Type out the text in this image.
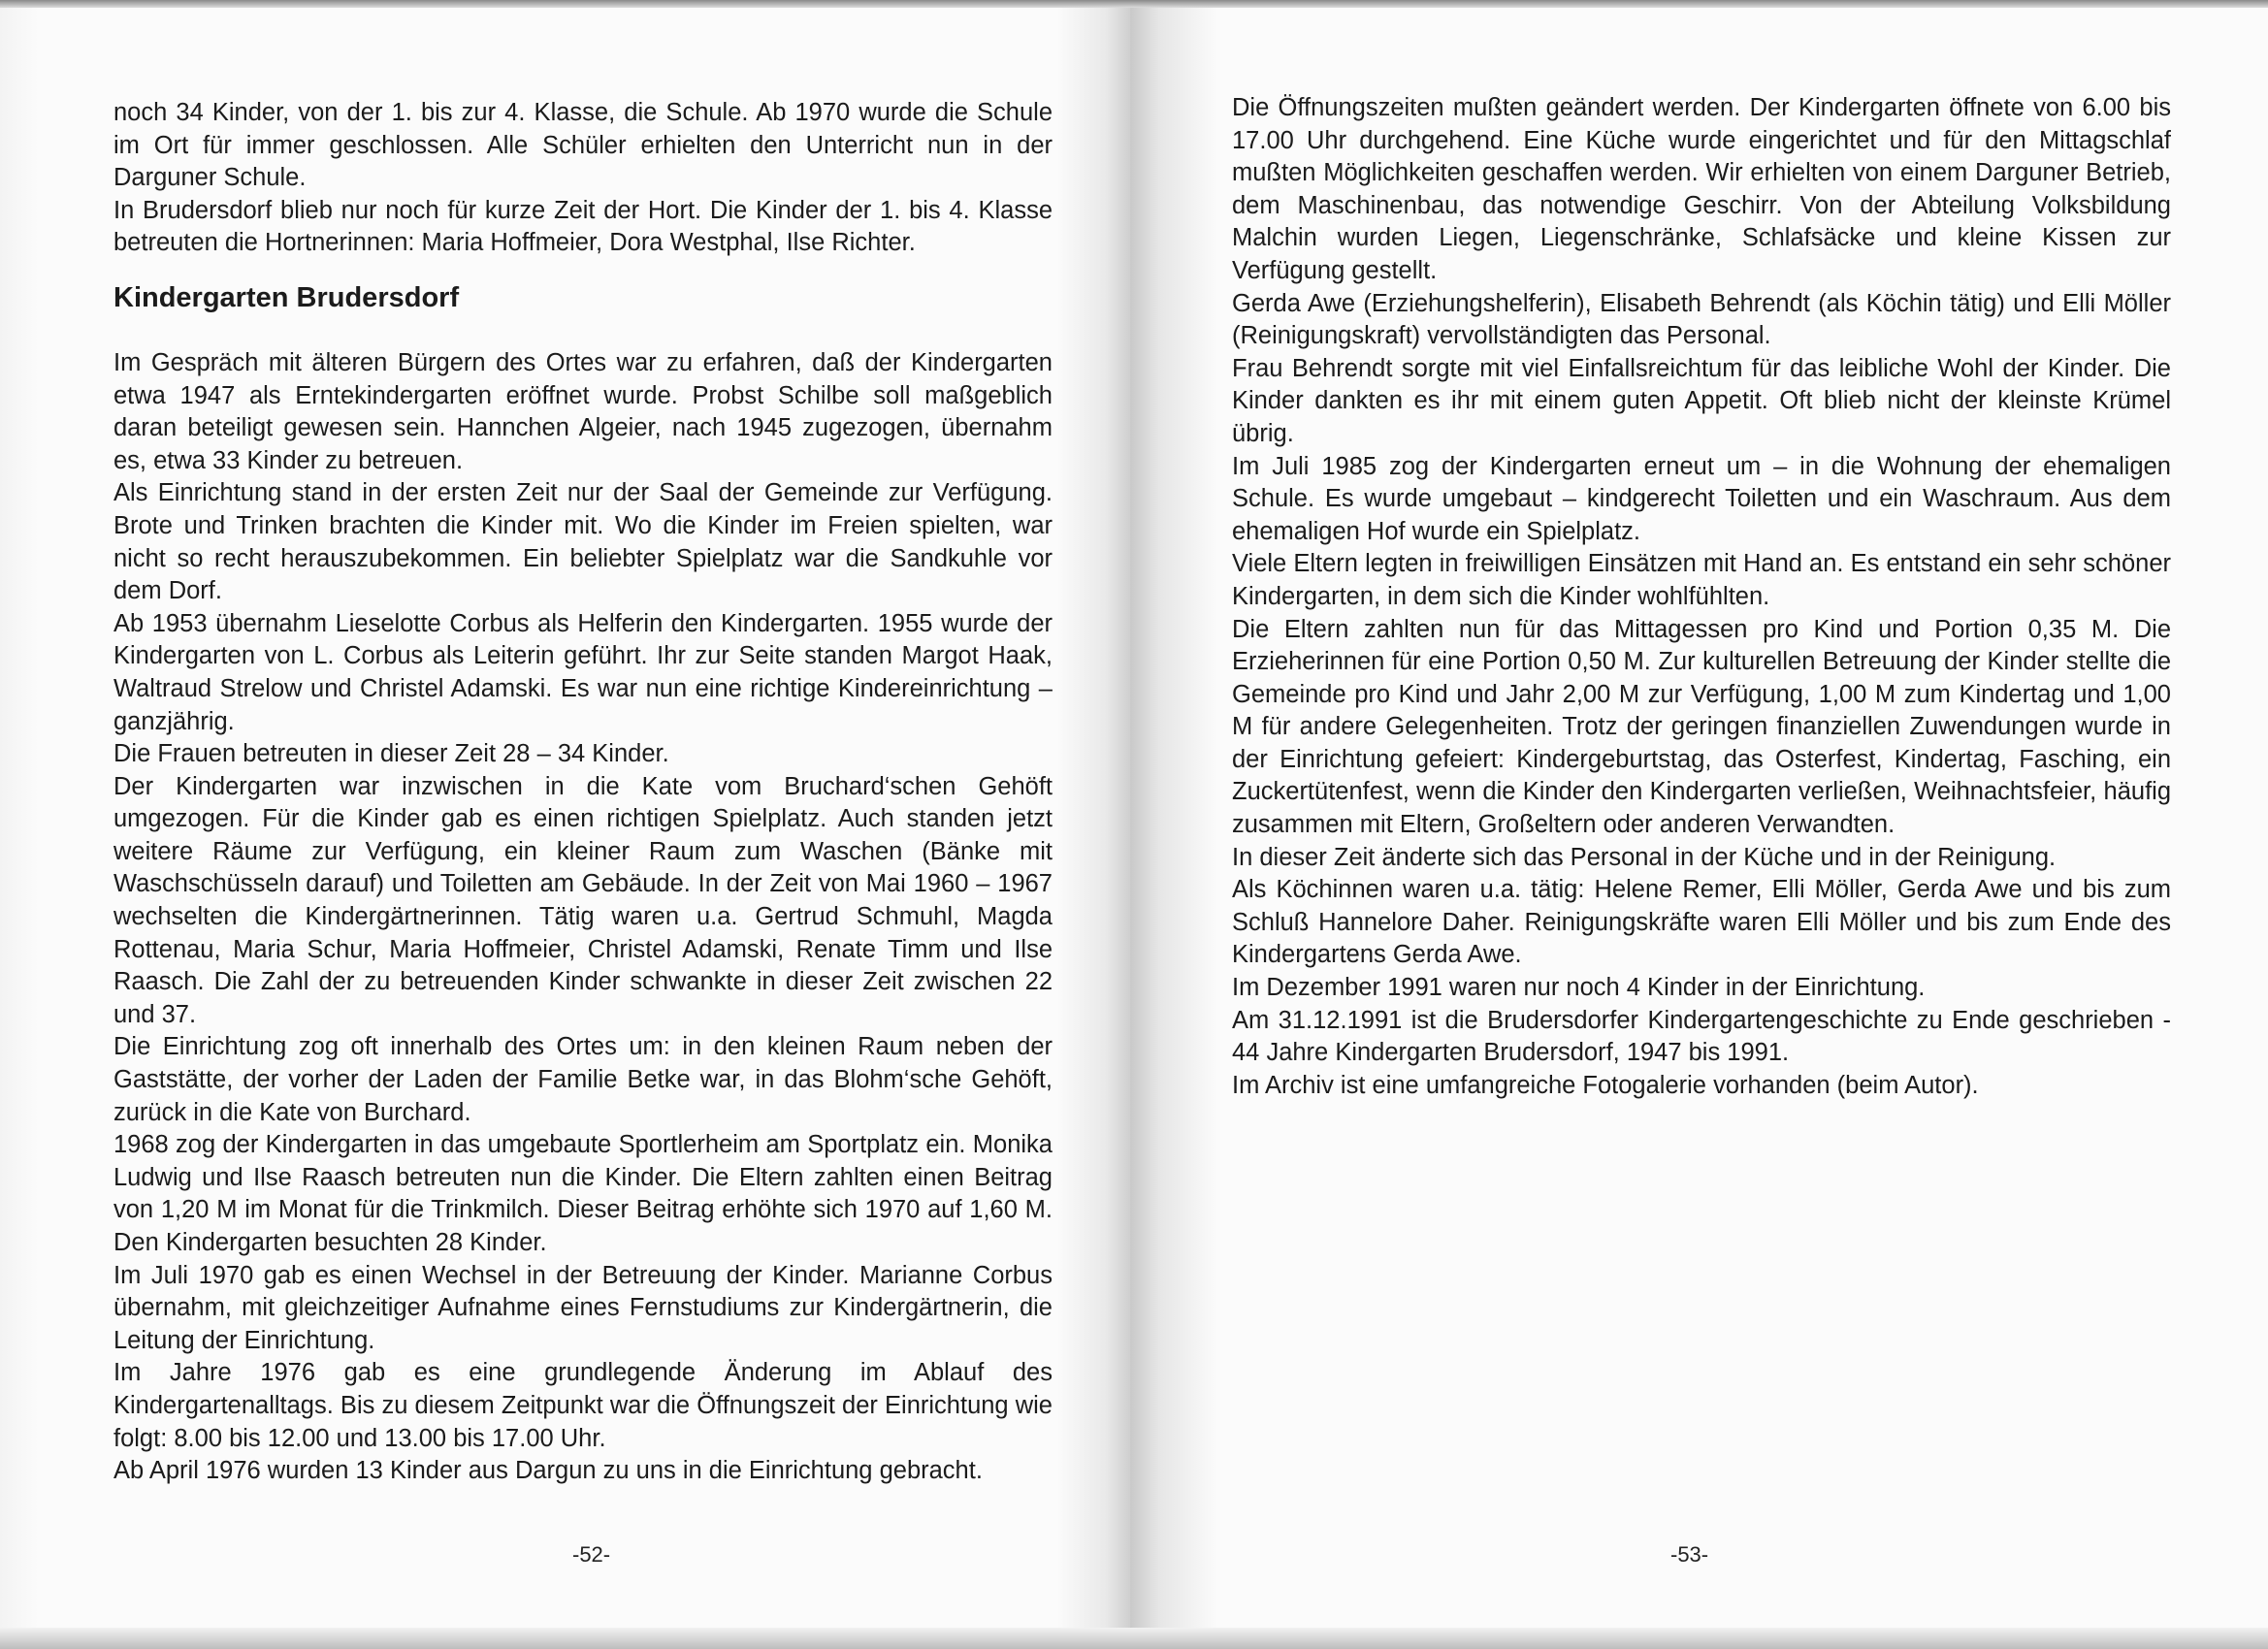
noch 34 Kinder, von der 1. bis zur 4. Klasse, die Schule. Ab 1970 wurde die Schule im Ort für immer geschlossen. Alle Schüler erhielten den Unterricht nun in der Darguner Schule.

In Brudersdorf blieb nur noch für kurze Zeit der Hort. Die Kinder der 1. bis 4. Klasse betreuten die Hortnerinnen: Maria Hoffmeier, Dora Westphal, Ilse Richter.

Kindergarten Brudersdorf

Im Gespräch mit älteren Bürgern des Ortes war zu erfahren, daß der Kindergarten etwa 1947 als Erntekindergarten eröffnet wurde. Probst Schilbe soll maßgeblich daran beteiligt gewesen sein. Hannchen Algeier, nach 1945 zugezogen, übernahm es, etwa 33 Kinder zu betreuen.

Als Einrichtung stand in der ersten Zeit nur der Saal der Gemeinde zur Verfügung. Brote und Trinken brachten die Kinder mit. Wo die Kinder im Freien spielten, war nicht so recht herauszubekommen. Ein beliebter Spielplatz war die Sandkuhle vor dem Dorf.

Ab 1953 übernahm Lieselotte Corbus als Helferin den Kindergarten. 1955 wurde der Kindergarten von L. Corbus als Leiterin geführt. Ihr zur Seite standen Margot Haak, Waltraud Strelow und Christel Adamski. Es war nun eine richtige Kindereinrichtung – ganzjährig.

Die Frauen betreuten in dieser Zeit 28 – 34 Kinder.

Der Kindergarten war inzwischen in die Kate vom Bruchard‘schen Gehöft umgezogen. Für die Kinder gab es einen richtigen Spielplatz. Auch standen jetzt weitere Räume zur Verfügung, ein kleiner Raum zum Waschen (Bänke mit Waschschüsseln darauf) und Toiletten am Gebäude. In der Zeit von Mai 1960 – 1967 wechselten die Kindergärtnerinnen. Tätig waren u.a. Gertrud Schmuhl, Magda Rottenau, Maria Schur, Maria Hoffmeier, Christel Adamski, Renate Timm und Ilse Raasch. Die Zahl der zu betreuenden Kinder schwankte in dieser Zeit zwischen 22 und 37.

Die Einrichtung zog oft innerhalb des Ortes um: in den kleinen Raum neben der Gaststätte, der vorher der Laden der Familie Betke war, in das Blohm‘sche Gehöft, zurück in die Kate von Burchard.

1968 zog der Kindergarten in das umgebaute Sportlerheim am Sportplatz ein. Monika Ludwig und Ilse Raasch betreuten nun die Kinder. Die Eltern zahlten einen Beitrag von 1,20 M im Monat für die Trinkmilch. Dieser Beitrag erhöhte sich 1970 auf 1,60 M. Den Kindergarten besuchten 28 Kinder.

Im Juli 1970 gab es einen Wechsel in der Betreuung der Kinder. Marianne Corbus übernahm, mit gleichzeitiger Aufnahme eines Fernstudiums zur Kindergärtnerin, die Leitung der Einrichtung.

Im Jahre 1976 gab es eine grundlegende Änderung im Ablauf des Kindergartenalltags. Bis zu diesem Zeitpunkt war die Öffnungszeit der Einrichtung wie folgt: 8.00 bis 12.00 und 13.00 bis 17.00 Uhr.

Ab April 1976 wurden 13 Kinder aus Dargun zu uns in die Einrichtung gebracht.

-52-

Die Öffnungszeiten mußten geändert werden. Der Kindergarten öffnete von 6.00 bis 17.00 Uhr durchgehend. Eine Küche wurde eingerichtet und für den Mittagschlaf mußten Möglichkeiten geschaffen werden. Wir erhielten von einem Darguner Betrieb, dem Maschinenbau, das notwendige Geschirr. Von der Abteilung Volksbildung Malchin wurden Liegen, Liegenschränke, Schlafsäcke und kleine Kissen zur Verfügung gestellt.

Gerda Awe (Erziehungshelferin), Elisabeth Behrendt (als Köchin tätig) und Elli Möller (Reinigungskraft) vervollständigten das Personal.

Frau Behrendt sorgte mit viel Einfallsreichtum für das leibliche Wohl der Kinder. Die Kinder dankten es ihr mit einem guten Appetit. Oft blieb nicht der kleinste Krümel übrig.

Im Juli 1985 zog der Kindergarten erneut um – in die Wohnung der ehemaligen Schule. Es wurde umgebaut – kindgerecht Toiletten und ein Waschraum. Aus dem ehemaligen Hof wurde ein Spielplatz.

Viele Eltern legten in freiwilligen Einsätzen mit Hand an. Es entstand ein sehr schöner Kindergarten, in dem sich die Kinder wohlfühlten.

Die Eltern zahlten nun für das Mittagessen pro Kind und Portion 0,35 M. Die Erzieherinnen für eine Portion 0,50 M. Zur kulturellen Betreuung der Kinder stellte die Gemeinde pro Kind und Jahr 2,00 M zur Verfügung, 1,00 M zum Kindertag und 1,00 M für andere Gelegenheiten. Trotz der geringen finanziellen Zuwendungen wurde in der Einrichtung gefeiert: Kindergeburtstag, das Osterfest, Kindertag, Fasching, ein Zuckertütenfest, wenn die Kinder den Kindergarten verließen, Weihnachtsfeier, häufig zusammen mit Eltern, Großeltern oder anderen Verwandten.

In dieser Zeit änderte sich das Personal in der Küche und in der Reinigung.

Als Köchinnen waren u.a. tätig: Helene Remer, Elli Möller, Gerda Awe und bis zum Schluß Hannelore Daher. Reinigungskräfte waren Elli Möller und bis zum Ende des Kindergartens Gerda Awe.

Im Dezember 1991 waren nur noch 4 Kinder in der Einrichtung.

Am 31.12.1991 ist die Brudersdorfer Kindergartengeschichte zu Ende geschrieben - 44 Jahre Kindergarten Brudersdorf, 1947 bis 1991.

Im Archiv ist eine umfangreiche Fotogalerie vorhanden (beim Autor).

-53-
